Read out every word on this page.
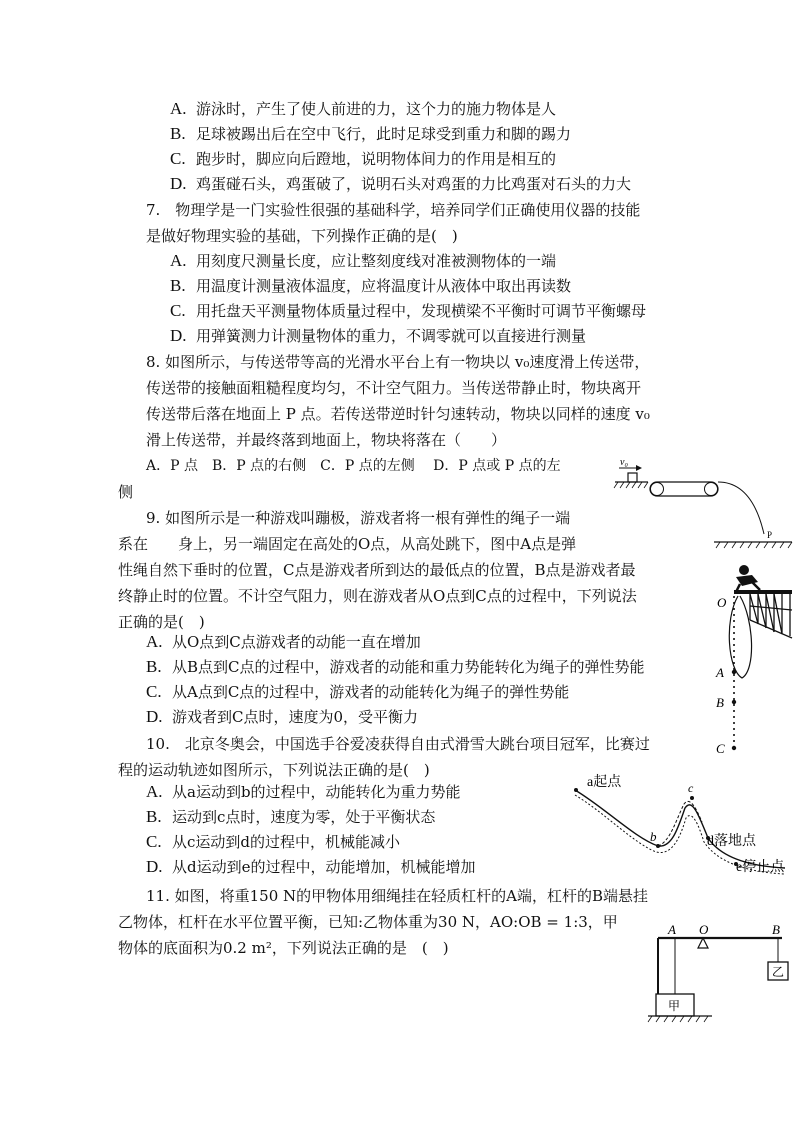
A. 游泳时，产生了使人前进的力，这个力的施力物体是人
B. 足球被踢出后在空中飞行，此时足球受到重力和脚的踢力
C. 跑步时，脚应向后蹬地，说明物体间力的作用是相互的
D. 鸡蛋碰石头，鸡蛋破了，说明石头对鸡蛋的力比鸡蛋对石头的力大
7.　物理学是一门实验性很强的基础科学，培养同学们正确使用仪器的技能
是做好物理实验的基础，下列操作正确的是(　)
A. 用刻度尺测量长度，应让整刻度线对准被测物体的一端
B. 用温度计测量液体温度，应将温度计从液体中取出再读数
C. 用托盘天平测量物体质量过程中，发现横梁不平衡时可调节平衡螺母
D. 用弹簧测力计测量物体的重力，不调零就可以直接进行测量
8. 如图所示，与传送带等高的光滑水平台上有一物块以 v₀速度滑上传送带，
传送带的接触面粗糙程度均匀，不计空气阻力。当传送带静止时，物块离开
传送带后落在地面上 P 点。若传送带逆时针匀速转动，物块以同样的速度 v₀
滑上传送带，并最终落到地面上，物块将落在（　　）
A．P 点　B．P 点的右侧　C．P 点的左侧　 D．P 点或 P 点的左
侧
v₀
P
9. 如图所示是一种游戏叫蹦极，游戏者将一根有弹性的绳子一端
系在　　身上，另一端固定在高处的O点，从高处跳下，图中A点是弹
性绳自然下垂时的位置，C点是游戏者所到达的最低点的位置，B点是游戏者最
终静止时的位置。不计空气阻力，则在游戏者从O点到C点的过程中，下列说法
正确的是(　)
A. 从O点到C点游戏者的动能一直在增加
B. 从B点到C点的过程中，游戏者的动能和重力势能转化为绳子的弹性势能
C. 从A点到C点的过程中，游戏者的动能转化为绳子的弹性势能
D. 游戏者到C点时，速度为0，受平衡力
O
A
B
C
10.　北京冬奥会，中国选手谷爱凌获得自由式滑雪大跳台项目冠军，比赛过
程的运动轨迹如图所示，下列说法正确的是(　)
A. 从a运动到b的过程中，动能转化为重力势能
B. 运动到c点时，速度为零，处于平衡状态
C. 从c运动到d的过程中，机械能减小
D. 从d运动到e的过程中，动能增加，机械能增加
a起点
b
c
d落地点
e停止点
11. 如图，将重150 N的甲物体用细绳挂在轻质杠杆的A端，杠杆的B端悬挂
乙物体，杠杆在水平位置平衡，已知:乙物体重为30 N，AO:OB = 1:3，甲
物体的底面积为0.2 m²，下列说法正确的是　(　)
A O	B
甲
乙
